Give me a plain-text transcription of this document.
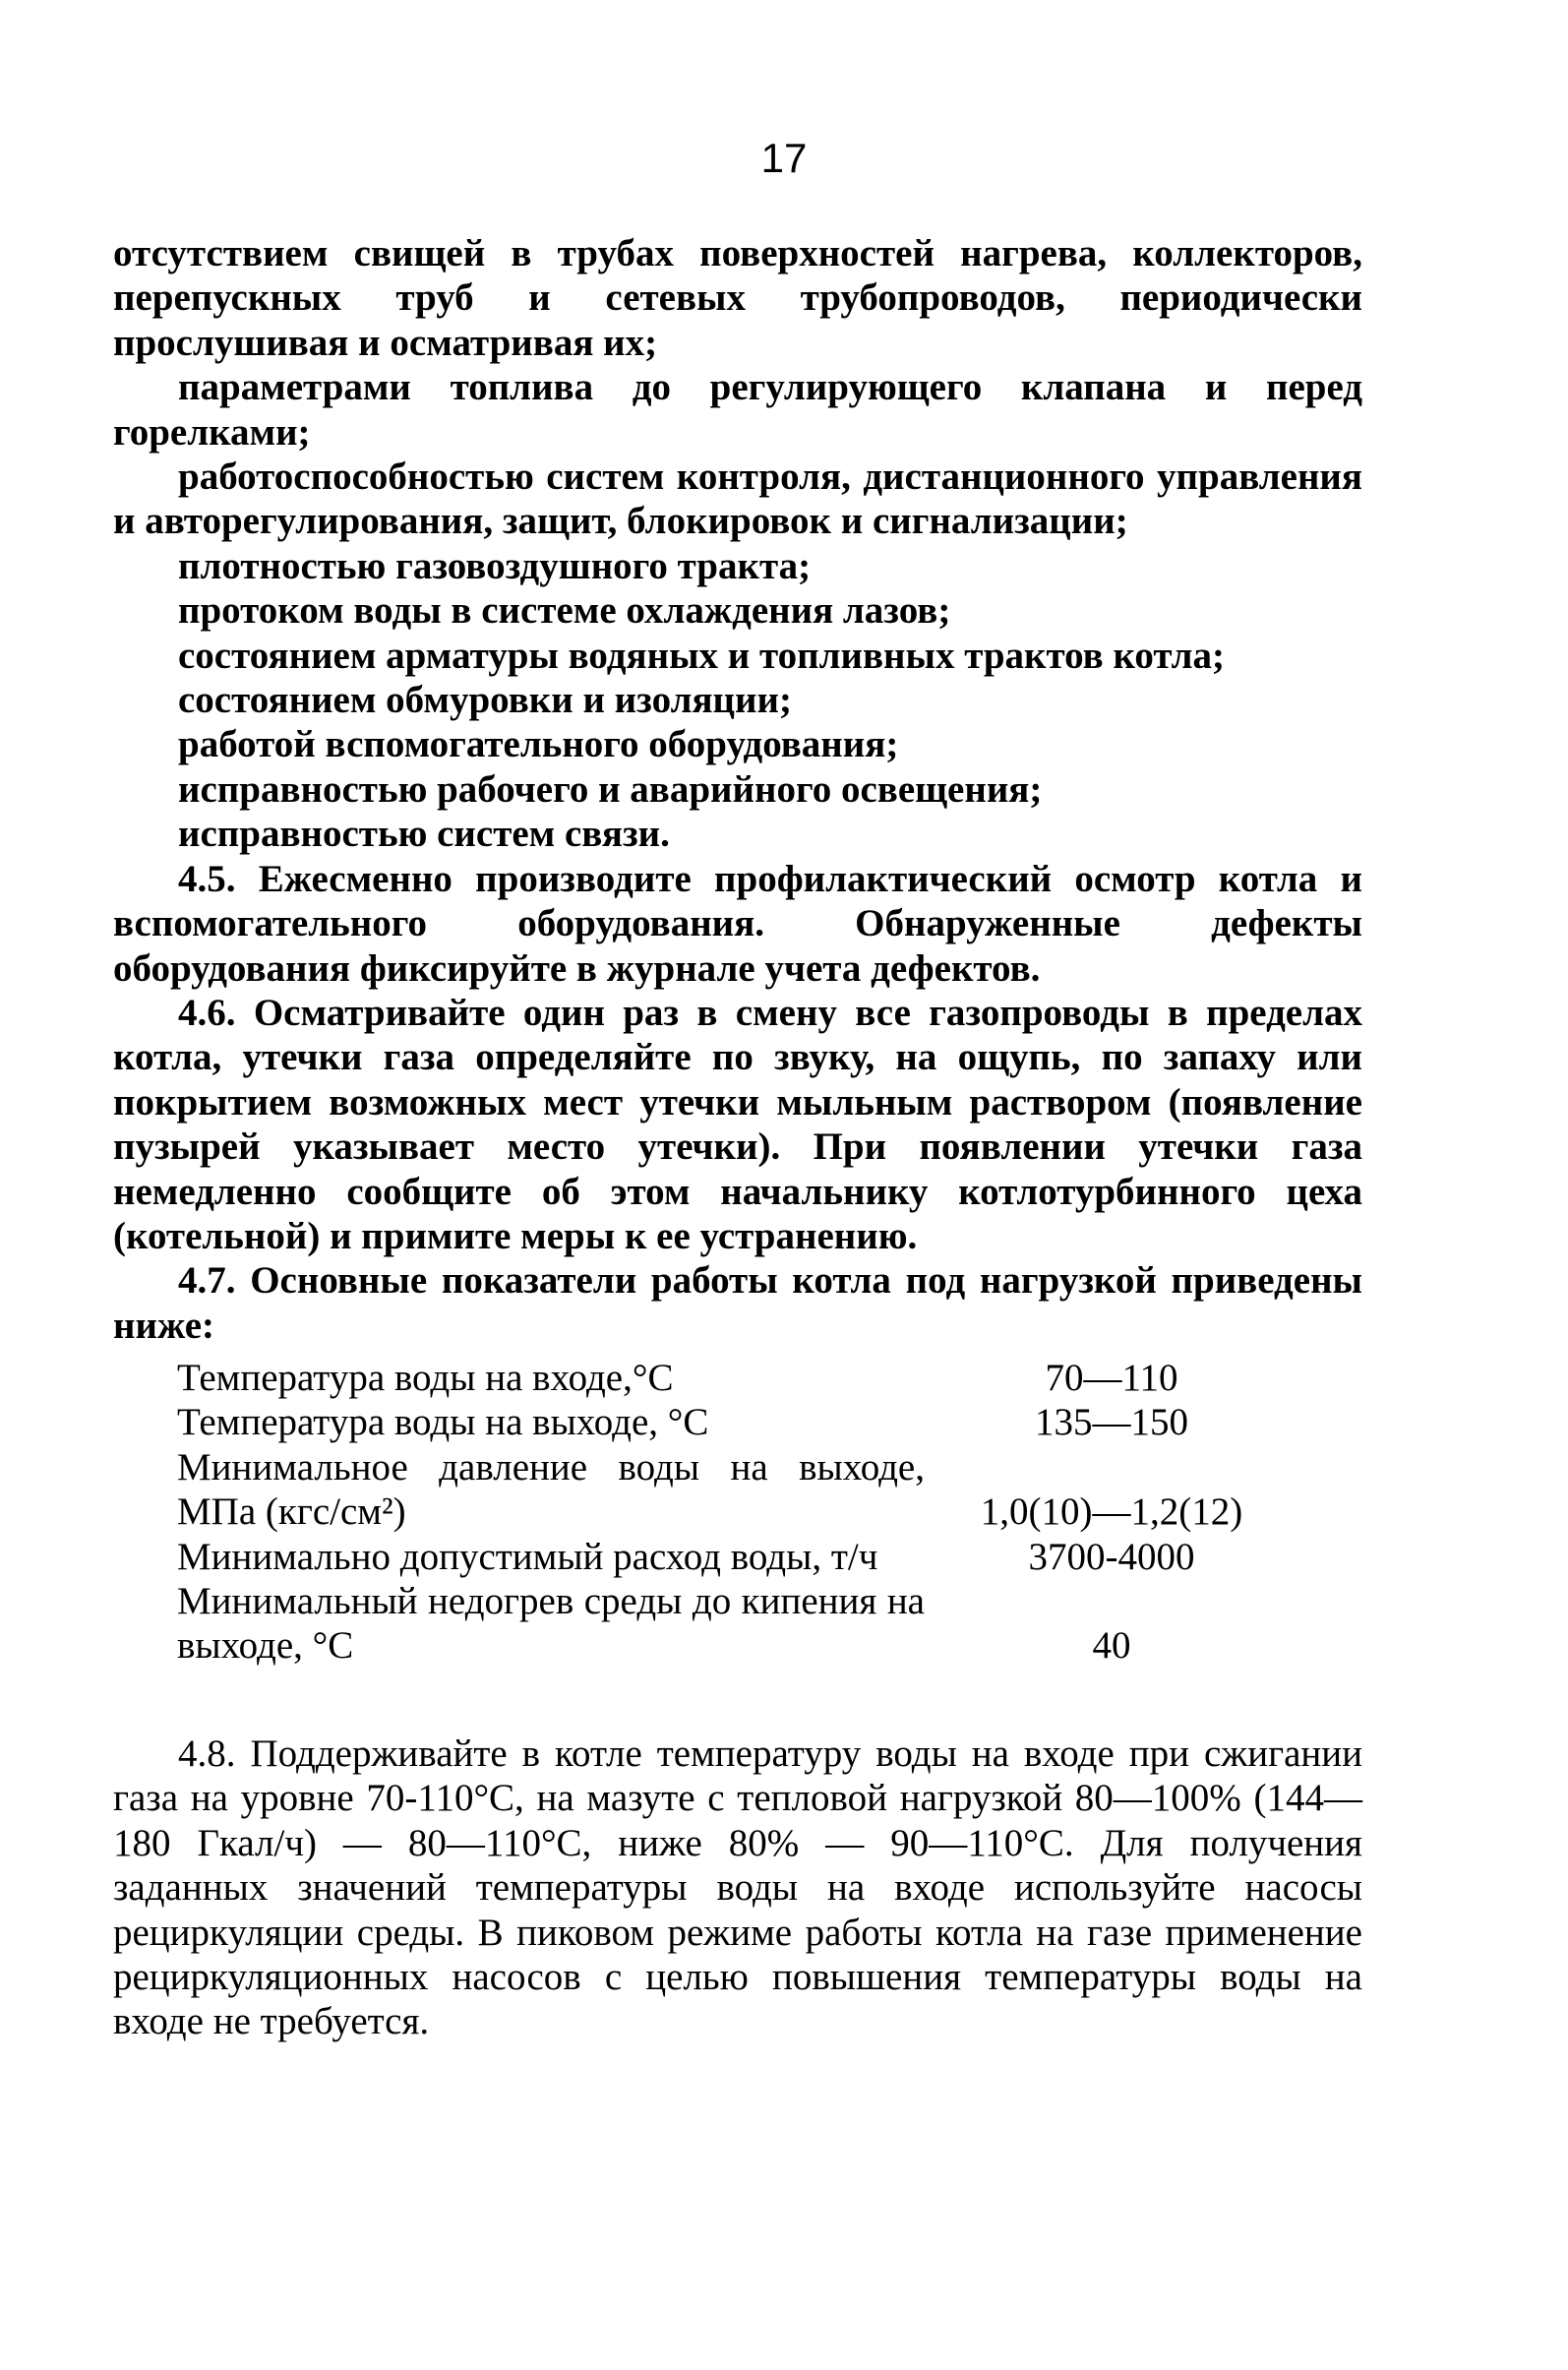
17

отсутствием свищей в трубах поверхностей нагрева, коллекторов, перепускных труб и сетевых трубопроводов, периодически прослушивая и осматривая их;

параметрами топлива до регулирующего клапана и перед горелками;

работоспособностью систем контроля, дистанционного управления и авторегулирования, защит, блокировок и сигнализации;

плотностью газовоздушного тракта;
протоком воды в системе охлаждения лазов;
состоянием арматуры водяных и топливных трактов котла;
состоянием обмуровки и изоляции;
работой вспомогательного оборудования;
исправностью рабочего и аварийного освещения;
исправностью систем связи.

4.5. Ежесменно производите профилактический осмотр котла и вспомогательного оборудования. Обнаруженные дефекты оборудования фиксируйте в журнале учета дефектов.

4.6. Осматривайте один раз в смену все газопроводы в пределах котла, утечки газа определяйте по звуку, на ощупь, по запаху или покрытием возможных мест утечки мыльным раствором (появление пузырей указывает место утечки). При появлении утечки газа немедленно сообщите об этом начальнику котлотурбинного цеха (котельной) и примите меры к ее устранению.

4.7. Основные показатели работы котла под нагрузкой приведены ниже:

Температура воды на входе,°С	70—110
Температура воды на выходе, °С	135—150
Минимальное давление воды на выходе, МПа (кгс/см²)	1,0(10)—1,2(12)
Минимально допустимый расход воды, т/ч	3700-4000
Минимальный недогрев среды до кипения на выходе, °С	40

4.8. Поддерживайте в котле температуру воды на входе при сжигании газа на уровне 70-110°С, на мазуте с тепловой нагрузкой 80—100% (144—180 Гкал/ч) — 80—110°С, ниже 80% — 90—110°С. Для получения заданных значений температуры воды на входе используйте насосы рециркуляции среды. В пиковом режиме работы котла на газе применение рециркуляционных насосов с целью повышения температуры воды на входе не требуется.
